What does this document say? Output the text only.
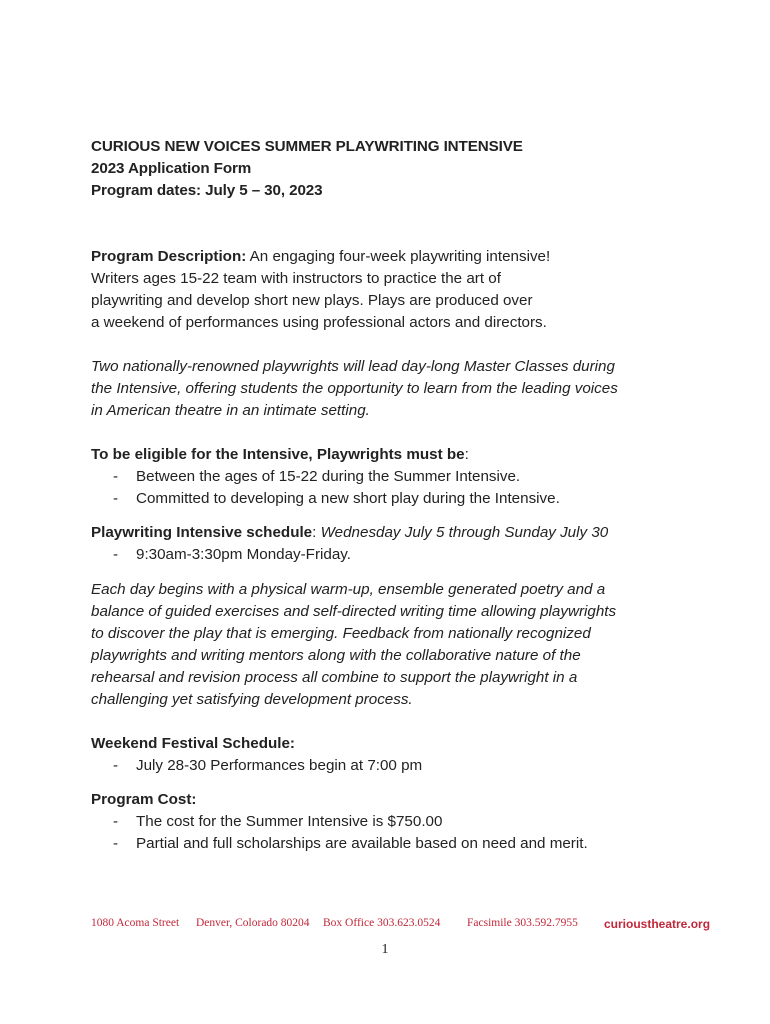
CURIOUS NEW VOICES SUMMER PLAYWRITING INTENSIVE
2023 Application Form
Program dates: July 5 – 30, 2023

Program Description: An engaging four-week playwriting intensive!
Writers ages 15-22 team with instructors to practice the art of
playwriting and develop short new plays. Plays are produced over
a weekend of performances using professional actors and directors.

Two nationally-renowned playwrights will lead day-long Master Classes during
the Intensive, offering students the opportunity to learn from the leading voices
in American theatre in an intimate setting.

To be eligible for the Intensive, Playwrights must be:

- Between the ages of 15-22 during the Summer Intensive.
- Committed to developing a new short play during the Intensive.

Playwriting Intensive schedule: Wednesday July 5 through Sunday July 30

- 9:30am-3:30pm Monday-Friday.

Each day begins with a physical warm-up, ensemble generated poetry and a
balance of guided exercises and self-directed writing time allowing playwrights
to discover the play that is emerging. Feedback from nationally recognized
playwrights and writing mentors along with the collaborative nature of the
rehearsal and revision process all combine to support the playwright in a
challenging yet satisfying development process.

Weekend Festival Schedule:

- July 28-30 Performances begin at 7:00 pm

Program Cost:

- The cost for the Summer Intensive is $750.00
- Partial and full scholarships are available based on need and merit.
1080 Acoma Street Denver, Colorado 80204 Box Office 303.623.0524 Facsimile 303.592.7955 curioustheatre.org
1
